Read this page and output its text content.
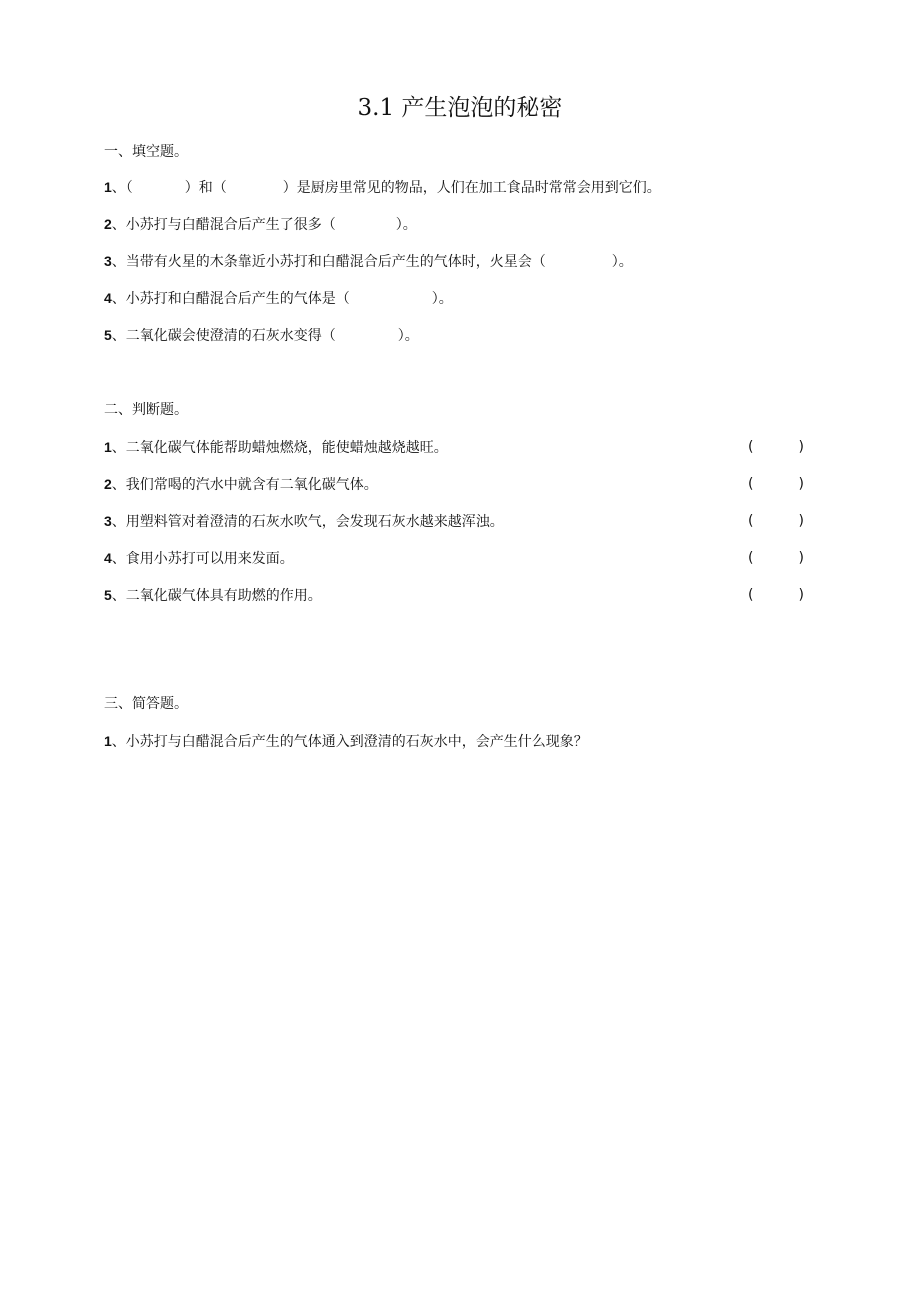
3.1 产生泡泡的秘密
一、填空题。
1、（	）和（	）是厨房里常见的物品，人们在加工食品时常常会用到它们。
2、小苏打与白醋混合后产生了很多（	）。
3、当带有火星的木条靠近小苏打和白醋混合后产生的气体时，火星会（	）。
4、小苏打和白醋混合后产生的气体是（	）。
5、二氧化碳会使澄清的石灰水变得（	）。
二、判断题。
1、二氧化碳气体能帮助蜡烛燃烧，能使蜡烛越烧越旺。	(	)
2、我们常喝的汽水中就含有二氧化碳气体。	(	)
3、用塑料管对着澄清的石灰水吹气，会发现石灰水越来越浑浊。	(	)
4、食用小苏打可以用来发面。	(	)
5、二氧化碳气体具有助燃的作用。	(	)
三、简答题。
1、小苏打与白醋混合后产生的气体通入到澄清的石灰水中，会产生什么现象？
